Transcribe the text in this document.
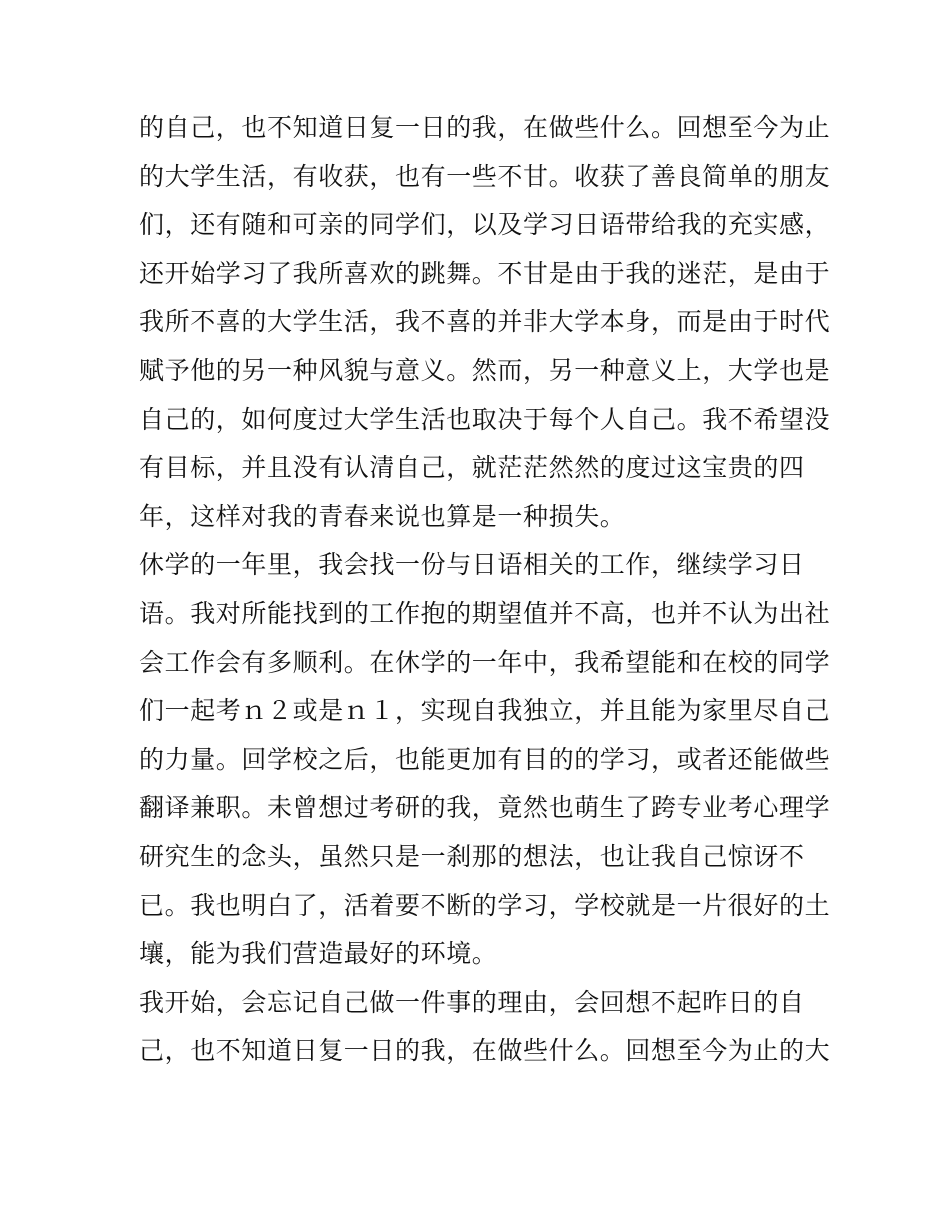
的自己，也不知道日复一日的我，在做些什么。回想至今为止
的大学生活，有收获，也有一些不甘。收获了善良简单的朋友
们，还有随和可亲的同学们，以及学习日语带给我的充实感，
还开始学习了我所喜欢的跳舞。不甘是由于我的迷茫，是由于
我所不喜的大学生活，我不喜的并非大学本身，而是由于时代
赋予他的另一种风貌与意义。然而，另一种意义上，大学也是
自己的，如何度过大学生活也取决于每个人自己。我不希望没
有目标，并且没有认清自己，就茫茫然然的度过这宝贵的四
年，这样对我的青春来说也算是一种损失。
休学的一年里，我会找一份与日语相关的工作，继续学习日
语。我对所能找到的工作抱的期望值并不高，也并不认为出社
会工作会有多顺利。在休学的一年中，我希望能和在校的同学
们一起考ｎ２或是ｎ１，实现自我独立，并且能为家里尽自己
的力量。回学校之后，也能更加有目的的学习，或者还能做些
翻译兼职。未曾想过考研的我，竟然也萌生了跨专业考心理学
研究生的念头，虽然只是一刹那的想法，也让我自己惊讶不
已。我也明白了，活着要不断的学习，学校就是一片很好的土
壤，能为我们营造最好的环境。
我开始，会忘记自己做一件事的理由，会回想不起昨日的自
己，也不知道日复一日的我，在做些什么。回想至今为止的大
